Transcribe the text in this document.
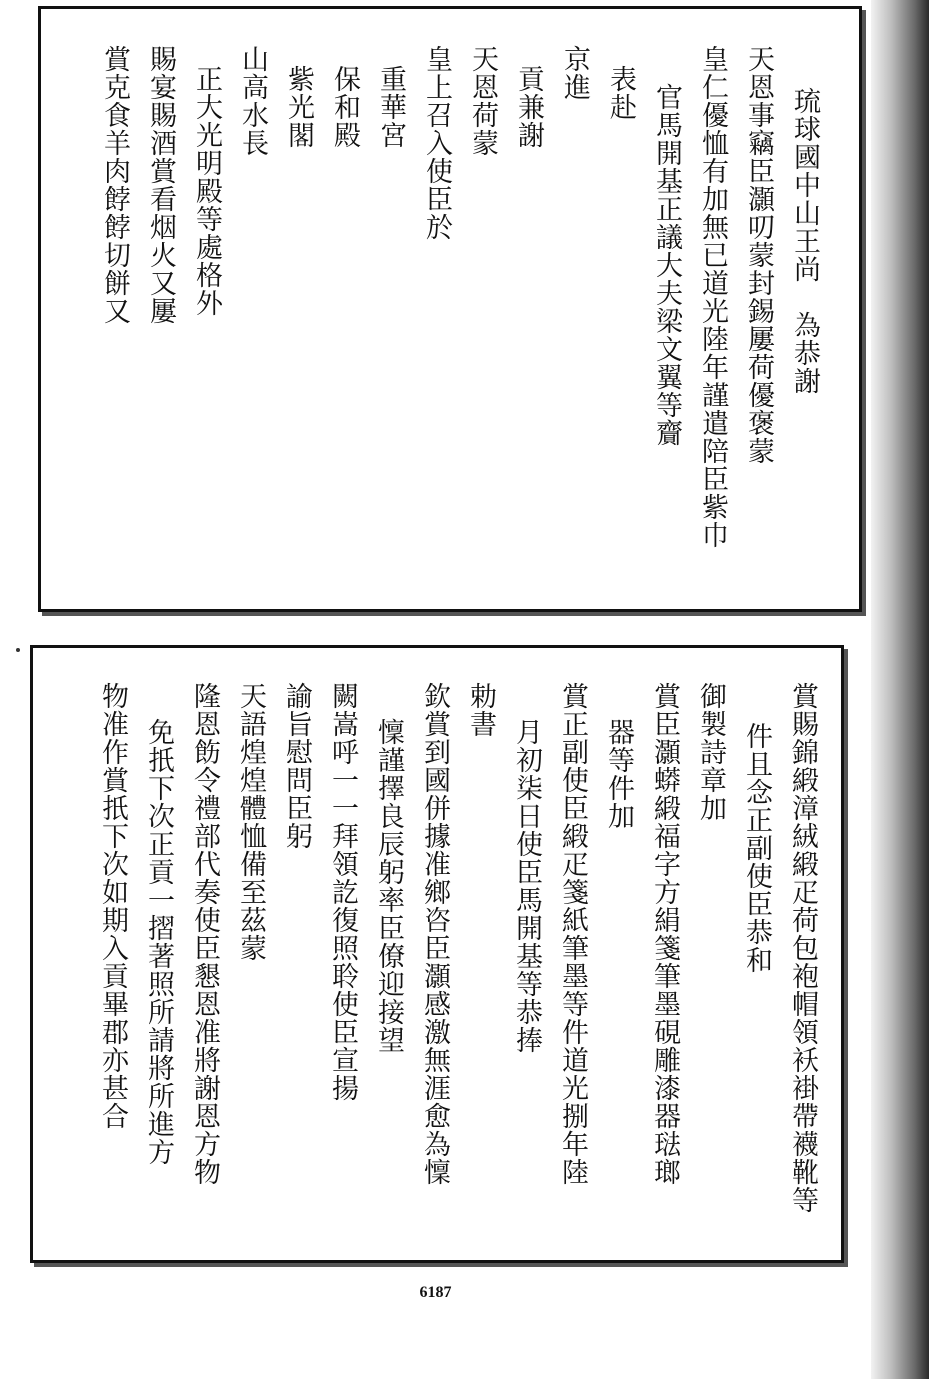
琉球國中山王尚　為恭謝
天恩事竊臣灝叨蒙封錫屢荷優褒蒙
皇仁優恤有加無已道光陸年謹遣陪臣紫巾
官馬開基正議大夫梁文翼等齎
表赴
京進
貢兼謝
天恩荷蒙
皇上召入使臣於
重華宮
保和殿
紫光閣
山高水長
正大光明殿等處格外
賜宴賜酒賞看烟火又屢
賞克食羊肉餑餑切餅又
賞賜錦緞漳絨緞疋荷包袍帽領袄褂帶襪靴等
件且念正副使臣恭和
御製詩章加
賞臣灝蟒緞福字方絹箋筆墨硯雕漆器琺瑯
器等件加
賞正副使臣緞疋箋紙筆墨等件道光捌年陸
月初柒日使臣馬開基等恭捧
勅書
欽賞到國併據准鄉咨臣灝感激無涯愈為懍
懍謹擇良辰躬率臣僚迎接望
闕嵩呼一一拜領訖復照聆使臣宣揚
諭旨慰問臣躬
天語煌煌體恤備至茲蒙
隆恩飭令禮部代奏使臣懇恩准將謝恩方物
免扺下次正貢一摺著照所請將所進方
物准作賞扺下次如期入貢畢郡亦甚合
6187
